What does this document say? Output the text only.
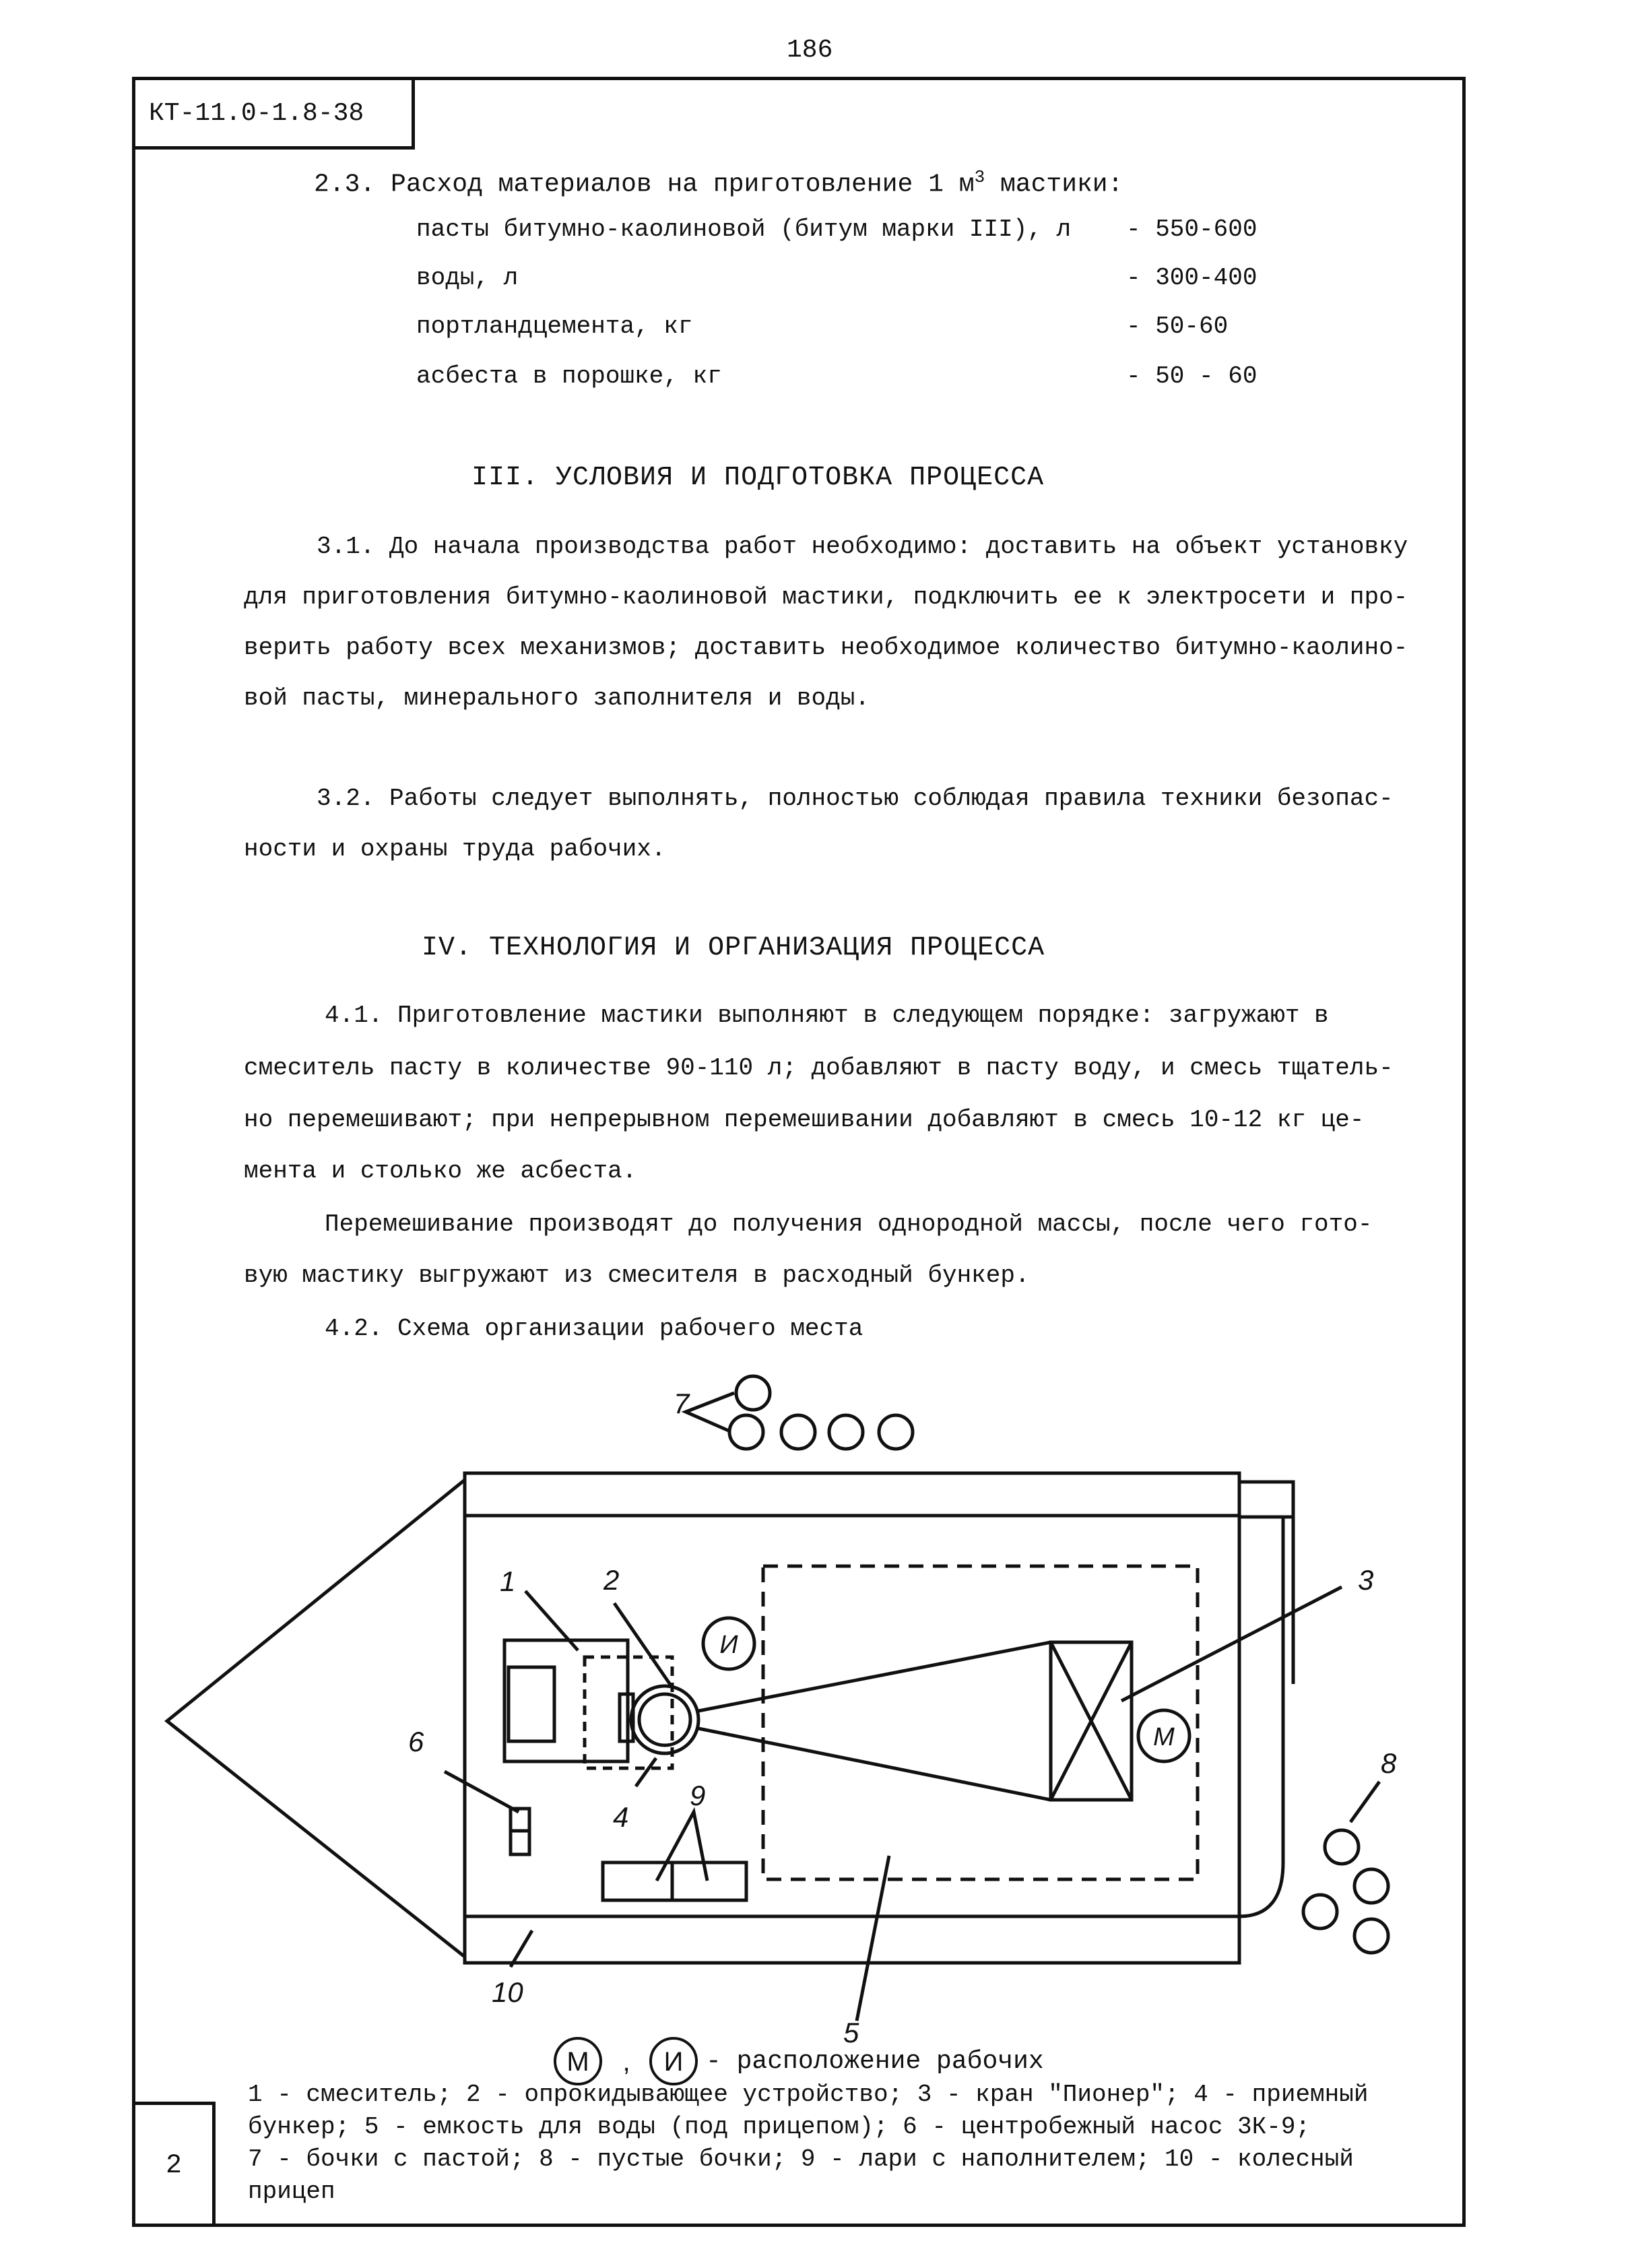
186
КТ-11.0-1.8-38
2.3. Расход материалов на приготовление 1 $м^3$ мастики:
пасты битумно-каолиновой (битум марки III), л - 550-600
воды, л	- 300-400
портландцемента, кг	- 50-60
асбеста в порошке, кг	- 50 - 60
III. УСЛОВИЯ И ПОДГОТОВКА ПРОЦЕССА
3.1. До начала производства работ необходимо: доставить на объект установку
для приготовления битумно-каолиновой мастики, подключить ее к электросети и про-
верить работу всех механизмов; доставить необходимое количество битумно-каолино-
вой пасты, минерального заполнителя и воды.
3.2. Работы следует выполнять, полностью соблюдая правила техники безопас-
ности и охраны труда рабочих.
IV. ТЕХНОЛОГИЯ И ОРГАНИЗАЦИЯ ПРОЦЕССА
4.1. Приготовление мастики выполняют в следующем порядке: загружают в
смеситель пасту в количестве 90-110 л; добавляют в пасту воду, и смесь тщатель-
но перемешивают; при непрерывном перемешивании добавляют в смесь 10-12 кг це-
мента и столько же асбеста.
Перемешивание производят до получения однородной массы, после чего гото-
вую мастику выгружают из смесителя в расходный бункер.
4.2. Схема организации рабочего места
7
1	2	3
4
5
6
8
9
10
И
М
М , И - расположение рабочих
1 - смеситель; 2 - опрокидывающее устройство; 3 - кран "Пионер"; 4 - приемный
бункер; 5 - емкость для воды (под прицепом); 6 - центробежный насос 3К-9;
7 - бочки с пастой; 8 - пустые бочки; 9 - лари с наполнителем; 10 - колесный
прицеп
2
